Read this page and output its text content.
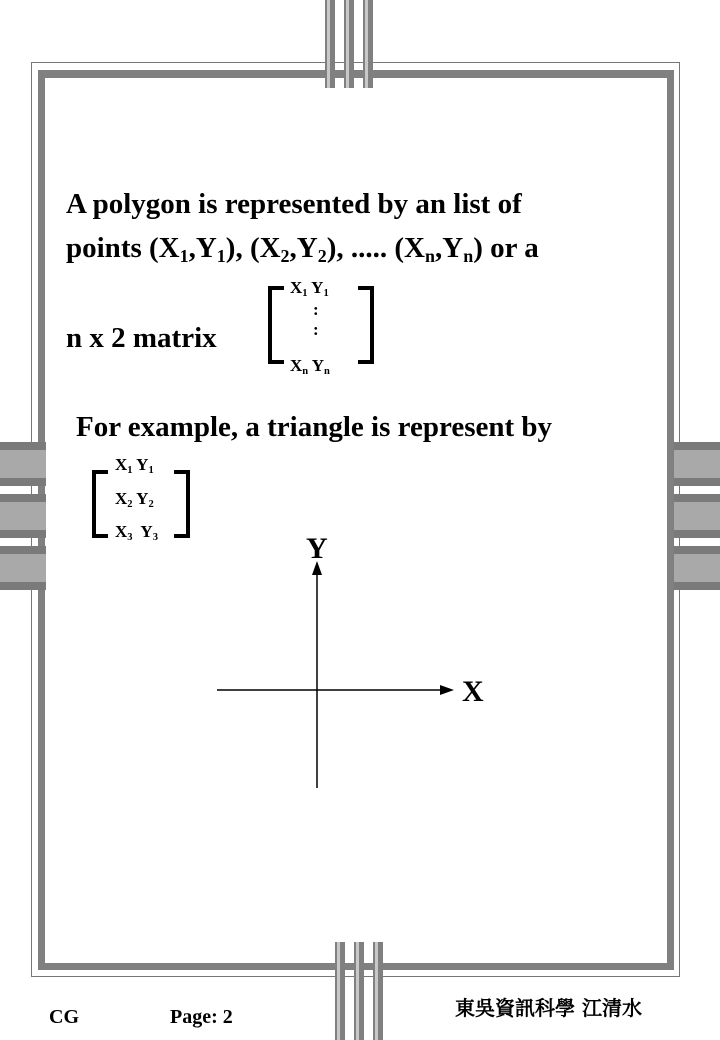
A polygon is represented by an list of
points $(X_1,Y_1)$, $(X_2,Y_2)$, ..... $(X_n,Y_n)$ or a
n x 2 matrix
$X_1$ $Y_1$
:
:
$X_n$ $Y_n$
For example, a triangle is represent by
$X_1$ $Y_1$
$X_2$ $Y_2$
$X_3$  $Y_3$	Y
X
CG	Page: 2	東吳資訊科學 江清水
